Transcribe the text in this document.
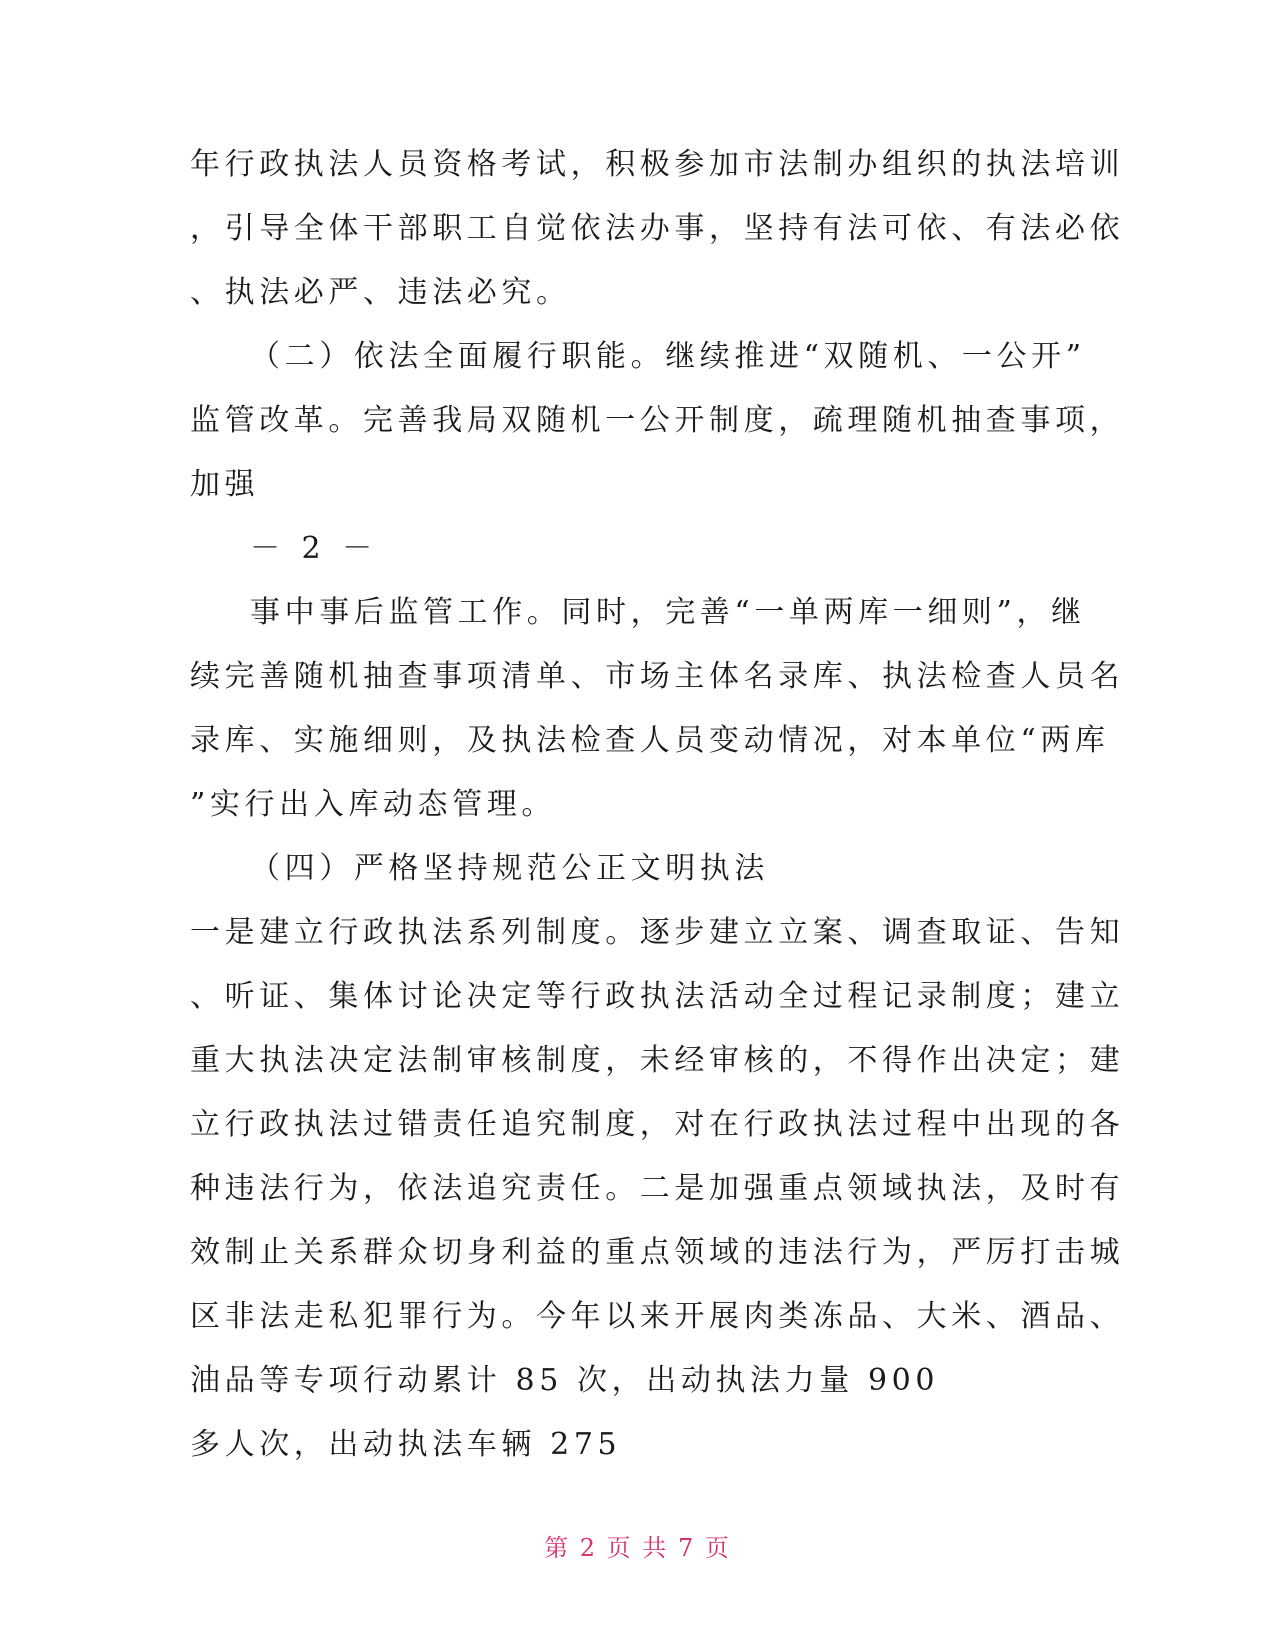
年行政执法人员资格考试，积极参加市法制办组织的执法培训
，引导全体干部职工自觉依法办事，坚持有法可依、有法必依
、执法必严、违法必究。
（二）依法全面履行职能。继续推进“双随机、一公开”
监管改革。完善我局双随机一公开制度，疏理随机抽查事项，
加强
－ 2 －
事中事后监管工作。同时，完善“一单两库一细则”，继
续完善随机抽查事项清单、市场主体名录库、执法检查人员名
录库、实施细则，及执法检查人员变动情况，对本单位“两库
”实行出入库动态管理。
（四）严格坚持规范公正文明执法
一是建立行政执法系列制度。逐步建立立案、调查取证、告知
、听证、集体讨论决定等行政执法活动全过程记录制度；建立
重大执法决定法制审核制度，未经审核的，不得作出决定；建
立行政执法过错责任追究制度，对在行政执法过程中出现的各
种违法行为，依法追究责任。二是加强重点领域执法，及时有
效制止关系群众切身利益的重点领域的违法行为，严厉打击城
区非法走私犯罪行为。今年以来开展肉类冻品、大米、酒品、
油品等专项行动累计 85 次，出动执法力量 900
多人次，出动执法车辆 275
第 2 页 共 7 页
